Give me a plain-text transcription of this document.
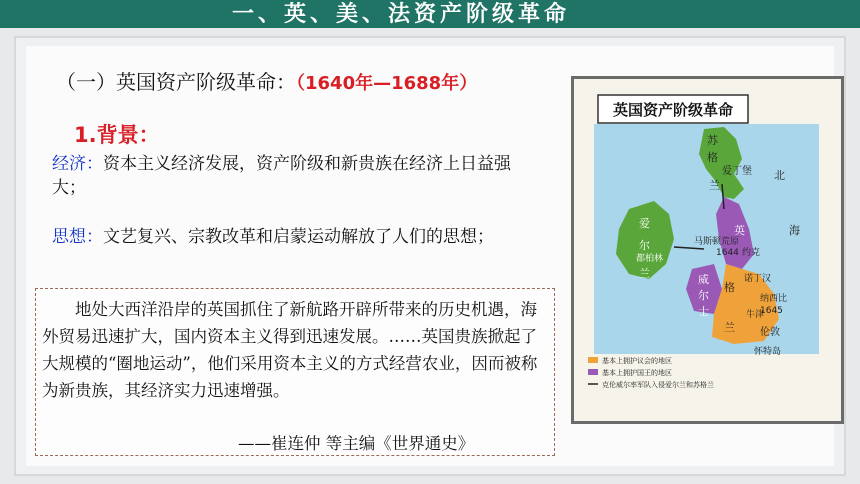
一、英、美、法资产阶级革命
（一）英国资产阶级革命：（1640年—1688年）
1.背景：
经济：资本主义经济发展，资产阶级和新贵族在经济上日益强大；
思想：文艺复兴、宗教改革和启蒙运动解放了人们的思想；
地处大西洋沿岸的英国抓住了新航路开辟所带来的历史机遇，海外贸易迅速扩大，国内资本主义得到迅速发展。……英国贵族掀起了大规模的“圈地运动”，他们采用资本主义的方式经营农业，因而被称为新贵族，其经济实力迅速增强。
——崔连仲 等主编《世界通史》
英国资产阶级革命
苏
格
爱丁堡
兰
北
英	海
爱
尔
都柏林
兰
马斯顿荒原
1644 约克
诺丁汉
威
格
尔
士
兰
纳西比
1645
牛津
伦敦
怀特岛
基本上拥护议会的地区
基本上拥护国王的地区
克伦威尔率军队入侵爱尔兰和苏格兰
